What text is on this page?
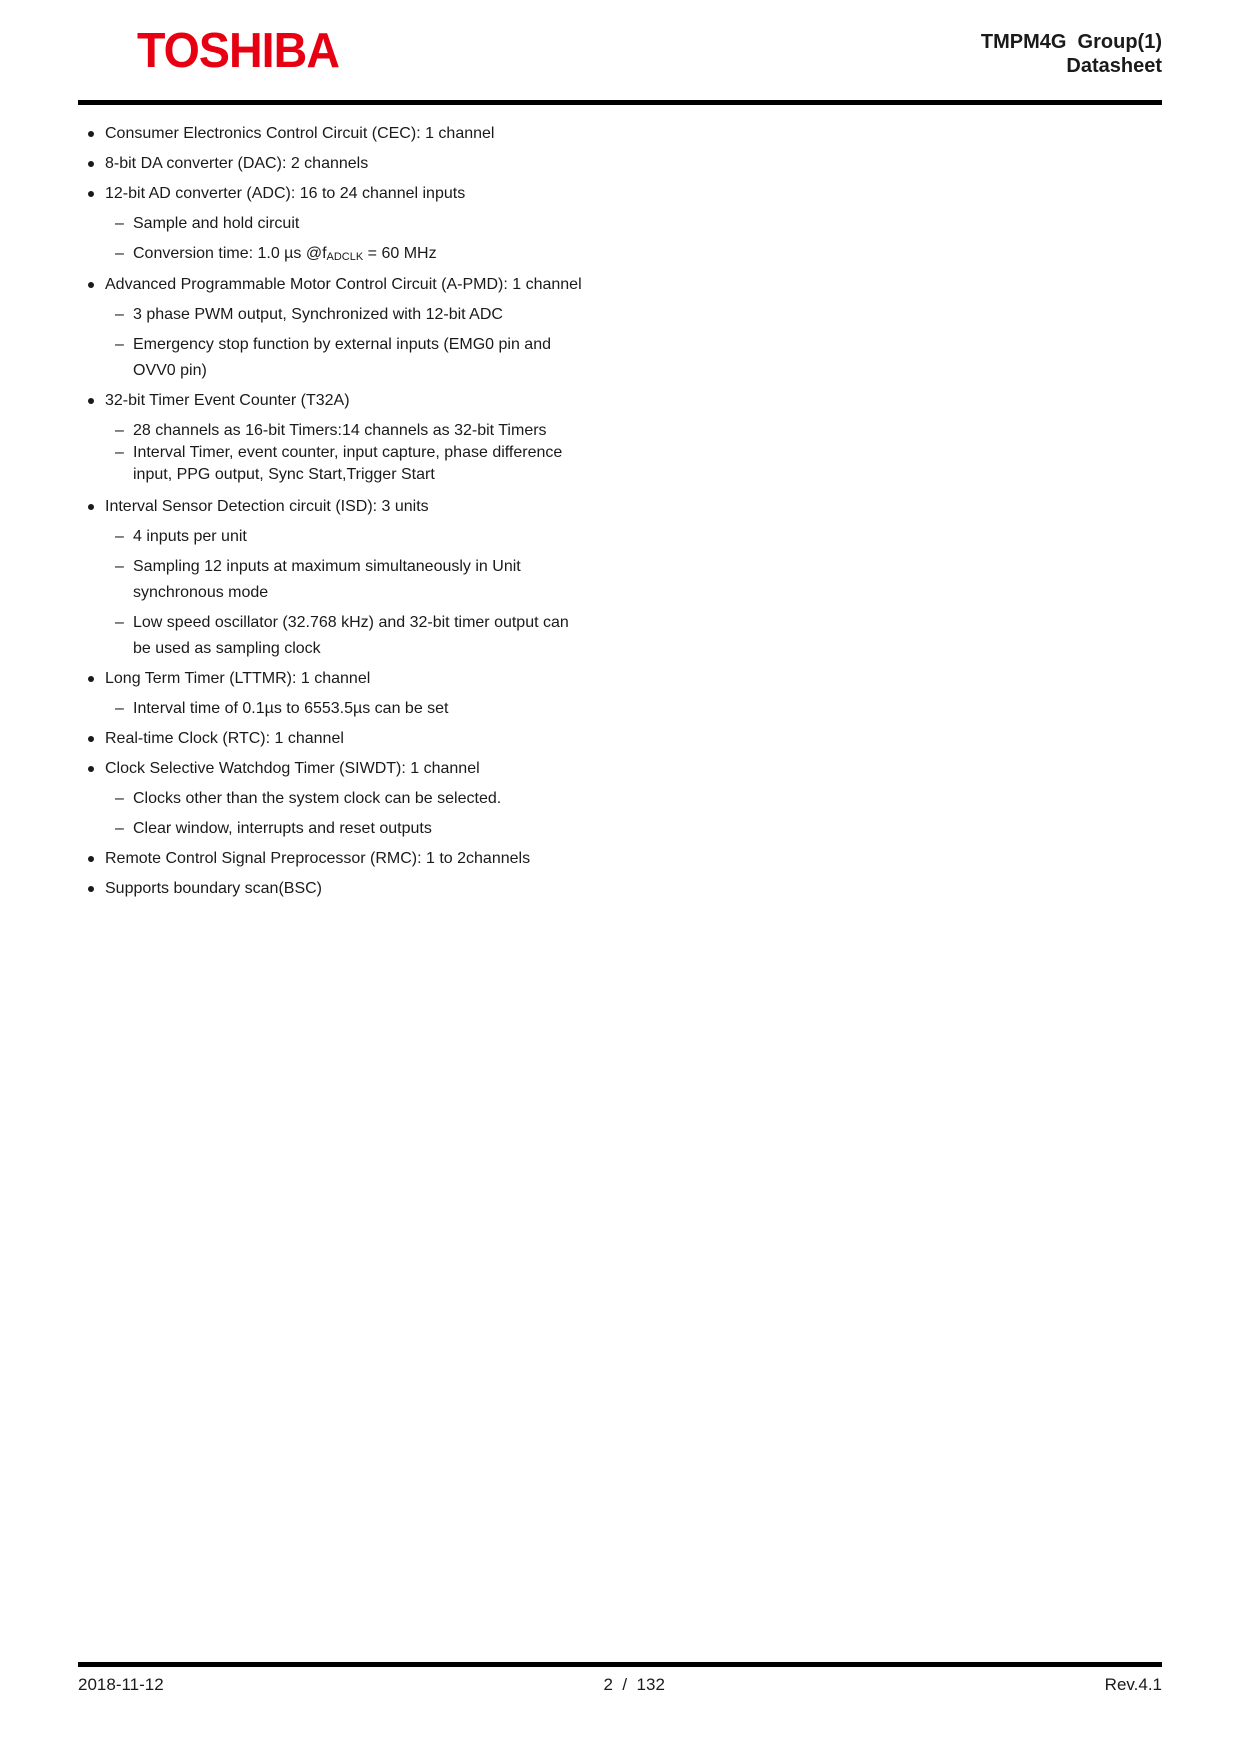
TOSHIBA	TMPM4G  Group(1)
Datasheet
Consumer Electronics Control Circuit (CEC): 1 channel
8-bit DA converter (DAC): 2 channels
12-bit AD converter (ADC): 16 to 24 channel inputs
– Sample and hold circuit
– Conversion time: 1.0 µs @fADCLK = 60 MHz
Advanced Programmable Motor Control Circuit (A-PMD): 1 channel
– 3 phase PWM output, Synchronized with 12-bit ADC
– Emergency stop function by external inputs (EMG0 pin and
OVV0 pin)
32-bit Timer Event Counter (T32A)
– 28 channels as 16-bit Timers:14 channels as 32-bit Timers
– Interval Timer, event counter, input capture, phase difference
input, PPG output, Sync Start,Trigger Start
Interval Sensor Detection circuit (ISD): 3 units
– 4 inputs per unit
– Sampling 12 inputs at maximum simultaneously in Unit
synchronous mode
– Low speed oscillator (32.768 kHz) and 32-bit timer output can
be used as sampling clock
Long Term Timer (LTTMR): 1 channel
– Interval time of 0.1µs to 6553.5µs can be set
Real-time Clock (RTC): 1 channel
Clock Selective Watchdog Timer (SIWDT): 1 channel
– Clocks other than the system clock can be selected.
– Clear window, interrupts and reset outputs
Remote Control Signal Preprocessor (RMC): 1 to 2channels
Supports boundary scan(BSC)
2018-11-12	2  /  132	Rev.4.1
